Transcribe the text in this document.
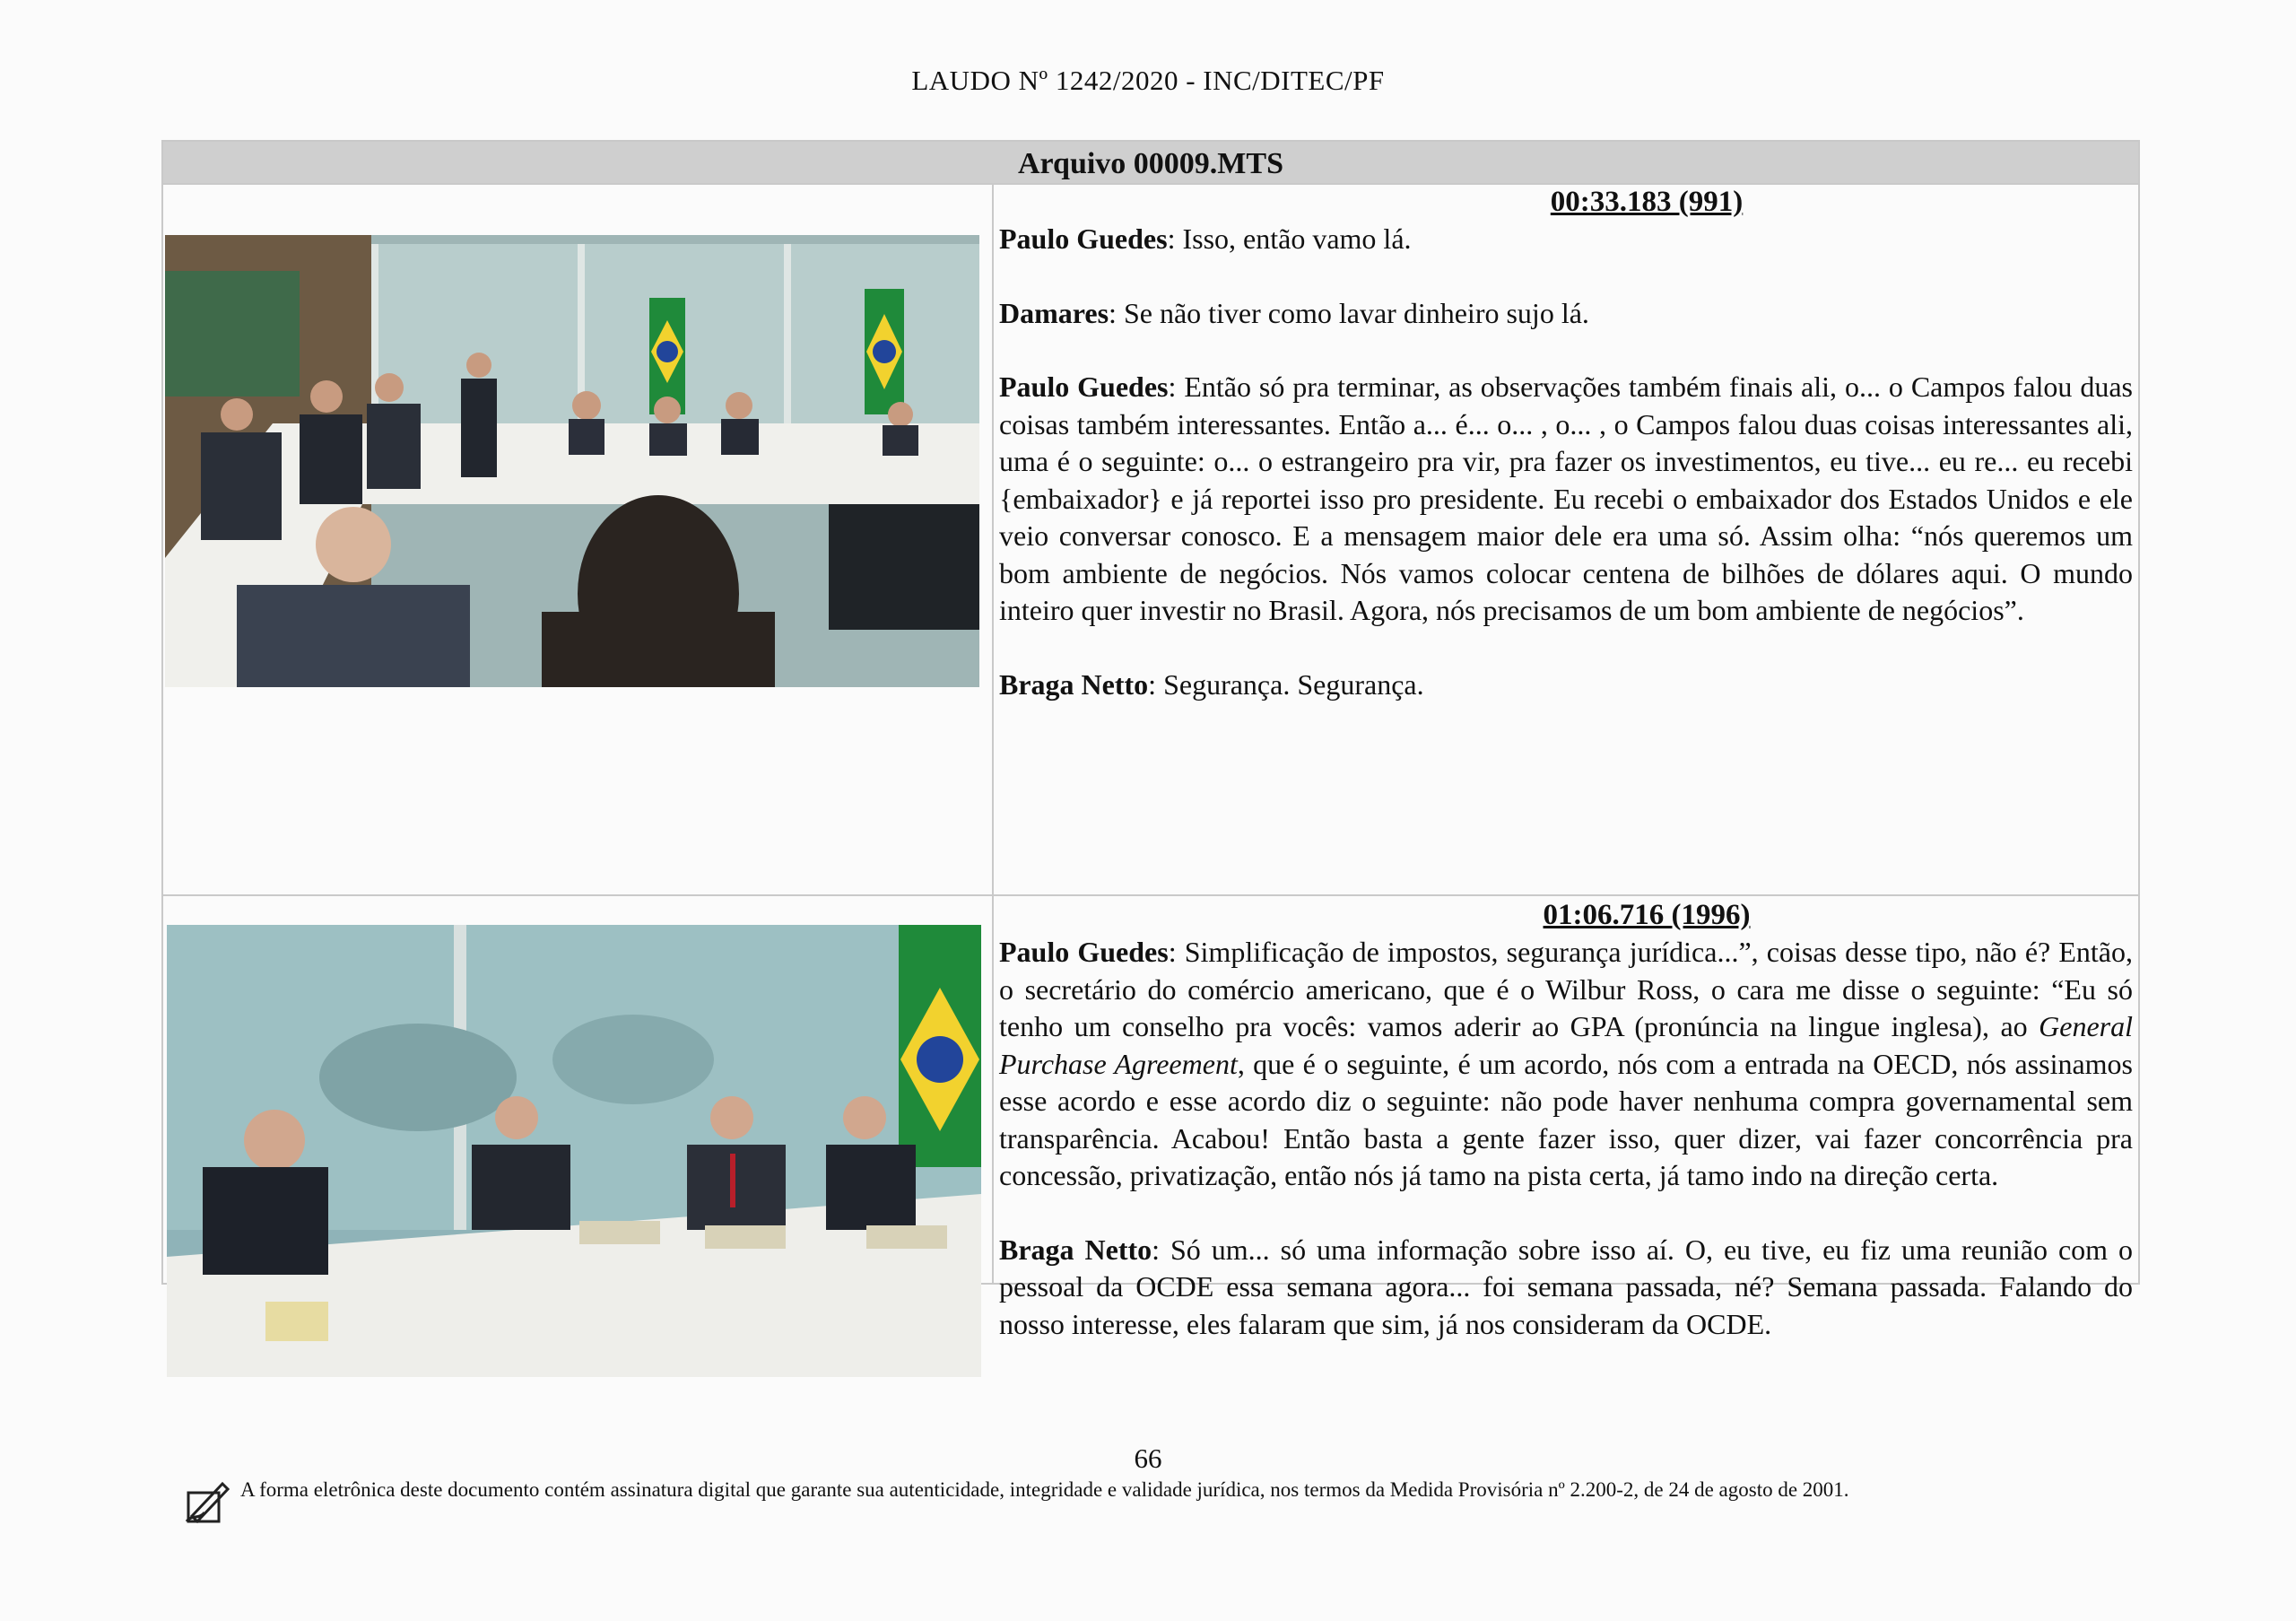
LAUDO Nº 1242/2020 - INC/DITEC/PF
Arquivo 00009.MTS

00:33.183 (991)

Paulo Guedes: Isso, então vamo lá.

Damares: Se não tiver como lavar dinheiro sujo lá.

Paulo Guedes: Então só pra terminar, as observações também finais ali, o... o Campos falou duas coisas também interessantes. Então a... é... o... , o... , o Campos falou duas coisas interessantes ali, uma é o seguinte: o... o estrangeiro pra vir, pra fazer os investimentos, eu tive... eu re... eu recebi {embaixador} e já reportei isso pro presidente. Eu recebi o embaixador dos Estados Unidos e ele veio conversar conosco. E a mensagem maior dele era uma só. Assim olha: “nós queremos um bom ambiente de negócios. Nós vamos colocar centena de bilhões de dólares aqui. O mundo inteiro quer investir no Brasil. Agora, nós precisamos de um bom ambiente de negócios”.

Braga Netto: Segurança. Segurança.

01:06.716 (1996)

Paulo Guedes: Simplificação de impostos, segurança jurídica...”, coisas desse tipo, não é? Então, o secretário do comércio americano, que é o Wilbur Ross, o cara me disse o seguinte: “Eu só tenho um conselho pra vocês: vamos aderir ao GPA (pronúncia na lingue inglesa), ao General Purchase Agreement, que é o seguinte, é um acordo, nós com a entrada na OECD, nós assinamos esse acordo e esse acordo diz o seguinte: não pode haver nenhuma compra governamental sem transparência. Acabou! Então basta a gente fazer isso, quer dizer, vai fazer concorrência pra concessão, privatização, então nós já tamo na pista certa, já tamo indo na direção certa.

Braga Netto: Só um... só uma informação sobre isso aí. O, eu tive, eu fiz uma reunião com o pessoal da OCDE essa semana agora... foi semana passada, né? Semana passada. Falando do nosso interesse, eles falaram que sim, já nos consideram da OCDE.

66
A forma eletrônica deste documento contém assinatura digital que garante sua autenticidade, integridade e validade jurídica, nos termos da Medida Provisória nº 2.200-2, de 24 de agosto de 2001.
